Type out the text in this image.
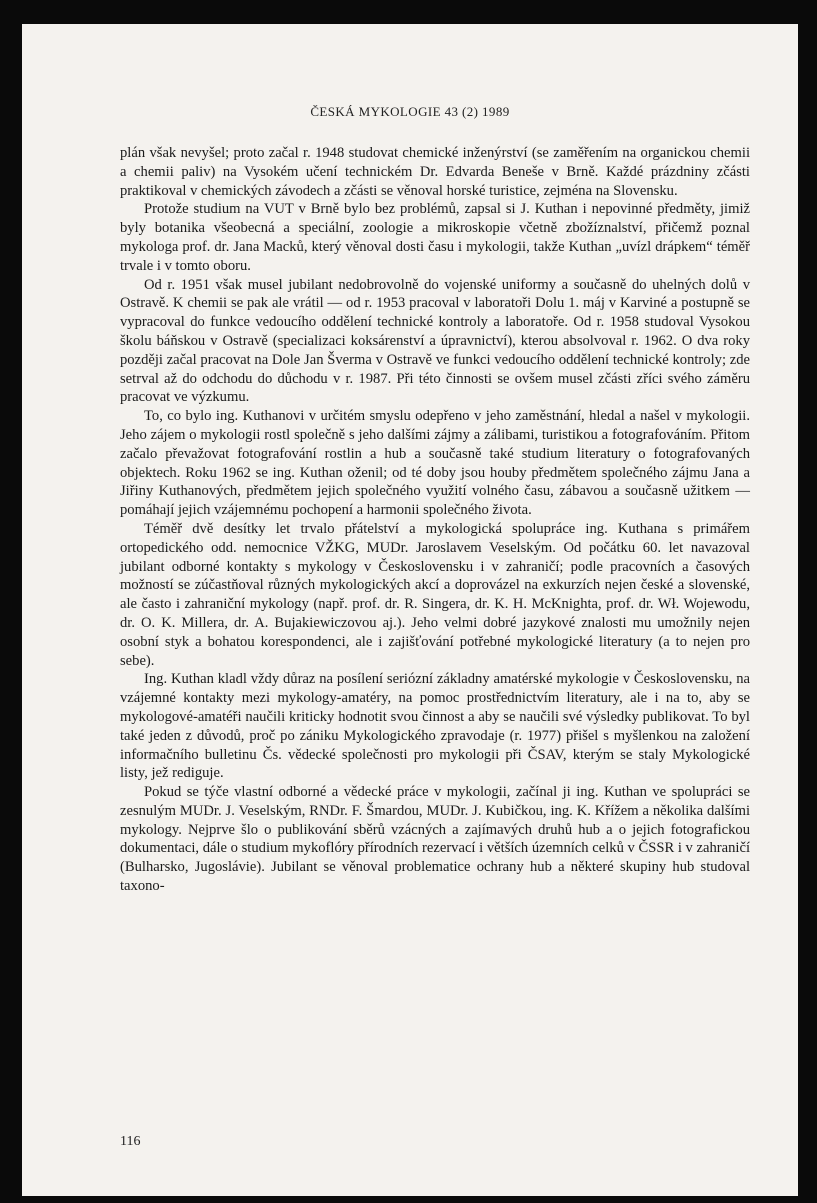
ČESKÁ MYKOLOGIE 43 (2) 1989

plán však nevyšel; proto začal r. 1948 studovat chemické inženýrství (se zaměřením na organickou chemii a chemii paliv) na Vysokém učení technickém Dr. Edvarda Beneše v Brně. Každé prázdniny zčásti praktikoval v chemických závodech a zčásti se věnoval horské turistice, zejména na Slovensku.

Protože studium na VUT v Brně bylo bez problémů, zapsal si J. Kuthan i nepovinné předměty, jimiž byly botanika všeobecná a speciální, zoologie a mikroskopie včetně zbožíznalství, přičemž poznal mykologa prof. dr. Jana Macků, který věnoval dosti času i mykologii, takže Kuthan „uvízl drápkem“ téměř trvale i v tomto oboru.

Od r. 1951 však musel jubilant nedobrovolně do vojenské uniformy a současně do uhelných dolů v Ostravě. K chemii se pak ale vrátil — od r. 1953 pracoval v laboratoři Dolu 1. máj v Karviné a postupně se vypracoval do funkce vedoucího oddělení technické kontroly a laboratoře. Od r. 1958 studoval Vysokou školu báňskou v Ostravě (specializaci koksárenství a úpravnictví), kterou absolvoval r. 1962. O dva roky později začal pracovat na Dole Jan Šverma v Ostravě ve funkci vedoucího oddělení technické kontroly; zde setrval až do odchodu do důchodu v r. 1987. Při této činnosti se ovšem musel zčásti zříci svého záměru pracovat ve výzkumu.

To, co bylo ing. Kuthanovi v určitém smyslu odepřeno v jeho zaměstnání, hledal a našel v mykologii. Jeho zájem o mykologii rostl společně s jeho dalšími zájmy a zálibami, turistikou a fotografováním. Přitom začalo převažovat fotografování rostlin a hub a současně také studium literatury o fotografovaných objektech. Roku 1962 se ing. Kuthan oženil; od té doby jsou houby předmětem společného zájmu Jana a Jiřiny Kuthanových, předmětem jejich společného využití volného času, zábavou a současně užitkem — pomáhají jejich vzájemnému pochopení a harmonii společného života.

Téměř dvě desítky let trvalo přátelství a mykologická spolupráce ing. Kuthana s primářem ortopedického odd. nemocnice VŽKG, MUDr. Jaroslavem Veselským. Od počátku 60. let navazoval jubilant odborné kontakty s mykology v Československu i v zahraničí; podle pracovních a časových možností se zúčastňoval různých mykologických akcí a doprovázel na exkurzích nejen české a slovenské, ale často i zahraniční mykology (např. prof. dr. R. Singera, dr. K. H. McKnighta, prof. dr. Wł. Wojewodu, dr. O. K. Millera, dr. A. Bujakiewiczovou aj.). Jeho velmi dobré jazykové znalosti mu umožnily nejen osobní styk a bohatou korespondenci, ale i zajišťování potřebné mykologické literatury (a to nejen pro sebe).

Ing. Kuthan kladl vždy důraz na posílení seriózní základny amatérské mykologie v Československu, na vzájemné kontakty mezi mykology-amatéry, na pomoc prostřednictvím literatury, ale i na to, aby se mykologové-amatéři naučili kriticky hodnotit svou činnost a aby se naučili své výsledky publikovat. To byl také jeden z důvodů, proč po zániku Mykologického zpravodaje (r. 1977) přišel s myšlenkou na založení informačního bulletinu Čs. vědecké společnosti pro mykologii při ČSAV, kterým se staly Mykologické listy, jež rediguje.

Pokud se týče vlastní odborné a vědecké práce v mykologii, začínal ji ing. Kuthan ve spolupráci se zesnulým MUDr. J. Veselským, RNDr. F. Šmardou, MUDr. J. Kubičkou, ing. K. Křížem a několika dalšími mykology. Nejprve šlo o publikování sběrů vzácných a zajímavých druhů hub a o jejich fotografickou dokumentaci, dále o studium mykoflóry přírodních rezervací i větších územních celků v ČSSR i v zahraničí (Bulharsko, Jugoslávie). Jubilant se věnoval problematice ochrany hub a některé skupiny hub studoval taxono-

116
